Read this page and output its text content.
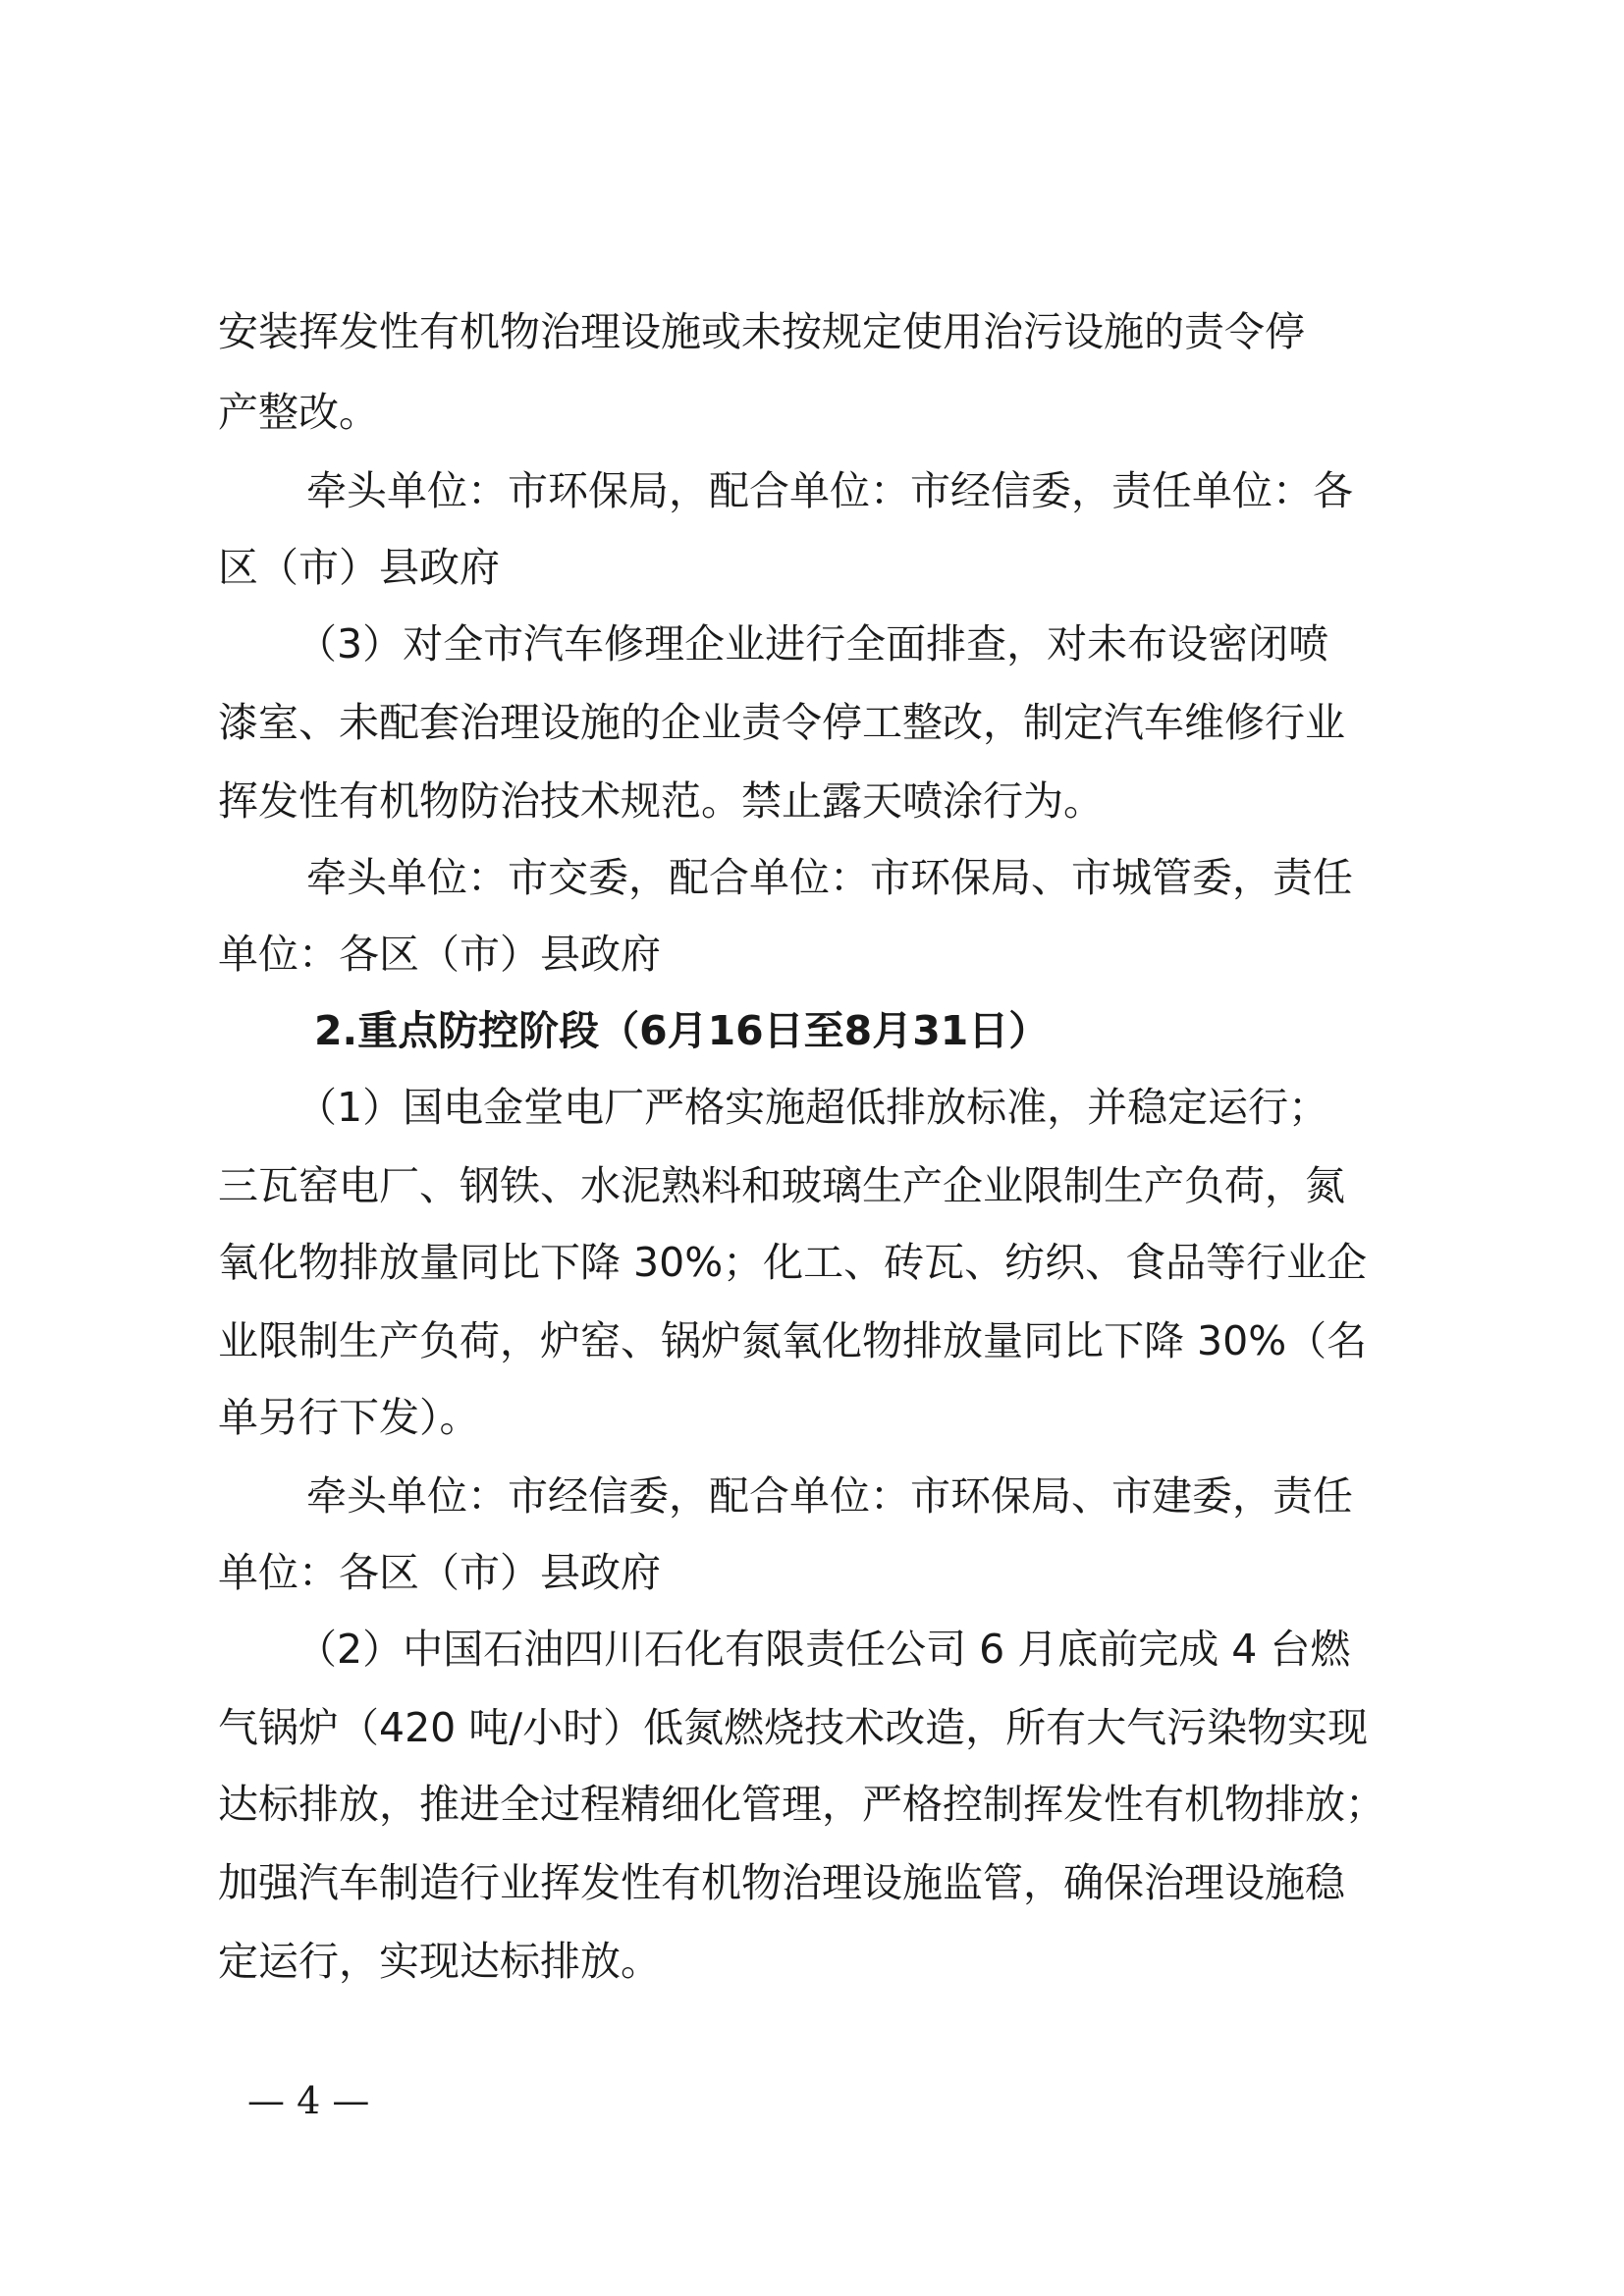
安装挥发性有机物治理设施或未按规定使用治污设施的责令停
产整改。
牵头单位：市环保局，配合单位：市经信委，责任单位：各
区（市）县政府
（3）对全市汽车修理企业进行全面排查，对未布设密闭喷
漆室、未配套治理设施的企业责令停工整改，制定汽车维修行业
挥发性有机物防治技术规范。禁止露天喷涂行为。
牵头单位：市交委，配合单位：市环保局、市城管委，责任
单位：各区（市）县政府
2.重点防控阶段（6月16日至8月31日）
（1）国电金堂电厂严格实施超低排放标准，并稳定运行；
三瓦窑电厂、钢铁、水泥熟料和玻璃生产企业限制生产负荷，氮
氧化物排放量同比下降 30%；化工、砖瓦、纺织、食品等行业企
业限制生产负荷，炉窑、锅炉氮氧化物排放量同比下降 30%（名
单另行下发）。
牵头单位：市经信委，配合单位：市环保局、市建委，责任
单位：各区（市）县政府
（2）中国石油四川石化有限责任公司 6 月底前完成 4 台燃
气锅炉（420 吨/小时）低氮燃烧技术改造，所有大气污染物实现
达标排放，推进全过程精细化管理，严格控制挥发性有机物排放；
加强汽车制造行业挥发性有机物治理设施监管，确保治理设施稳
定运行，实现达标排放。
— 4 —
